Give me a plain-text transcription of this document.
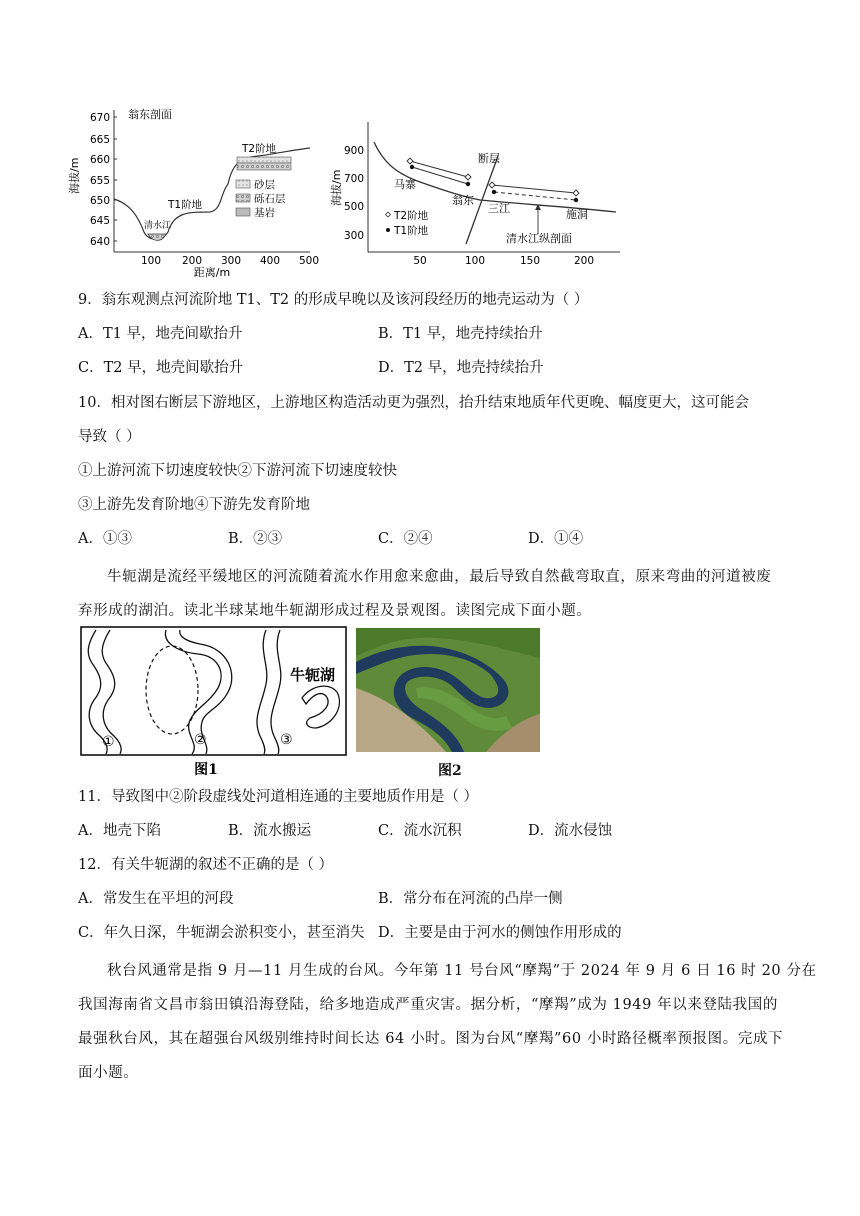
翁东剖面
海拔/m
670
665
660
655
650
645
640
100 200 300 400 500
距离/m
T2阶地
T1阶地
清水江
砂层
砾石层
基岩
海拔/m
900
700
500
300
50	100	150	200
断层
马寨
翁东
三江	施洞
清水江纵剖面
T2阶地
T1阶地
9．翁东观测点河流阶地 T1、T2 的形成早晚以及该河段经历的地壳运动为（ ）
A．T1 早，地壳间歇抬升	B．T1 早，地壳持续抬升
C．T2 早，地壳间歇抬升	D．T2 早，地壳持续抬升
10．相对图右断层下游地区，上游地区构造活动更为强烈，抬升结束地质年代更晚、幅度更大，这可能会
导致（ ）
①上游河流下切速度较快②下游河流下切速度较快
③上游先发育阶地④下游先发育阶地
A．①③	B．②③	C．②④	D．①④
牛轭湖是流经平缓地区的河流随着流水作用愈来愈曲，最后导致自然截弯取直，原来弯曲的河道被废
弃形成的湖泊。读北半球某地牛轭湖形成过程及景观图。读图完成下面小题。
牛轭湖
①	②	③
图1	图2
11．导致图中②阶段虚线处河道相连通的主要地质作用是（ ）
A．地壳下陷	B．流水搬运	C．流水沉积	D．流水侵蚀
12．有关牛轭湖的叙述不正确的是（ ）
A．常发生在平坦的河段	B．常分布在河流的凸岸一侧
C．年久日深，牛轭湖会淤积变小，甚至消失 D．主要是由于河水的侧蚀作用形成的
秋台风通常是指 9 月—11 月生成的台风。今年第 11 号台风“摩羯”于 2024 年 9 月 6 日 16 时 20 分在
我国海南省文昌市翁田镇沿海登陆，给多地造成严重灾害。据分析，“摩羯”成为 1949 年以来登陆我国的
最强秋台风，其在超强台风级别维持时间长达 64 小时。图为台风“摩羯”60 小时路径概率预报图。完成下
面小题。
